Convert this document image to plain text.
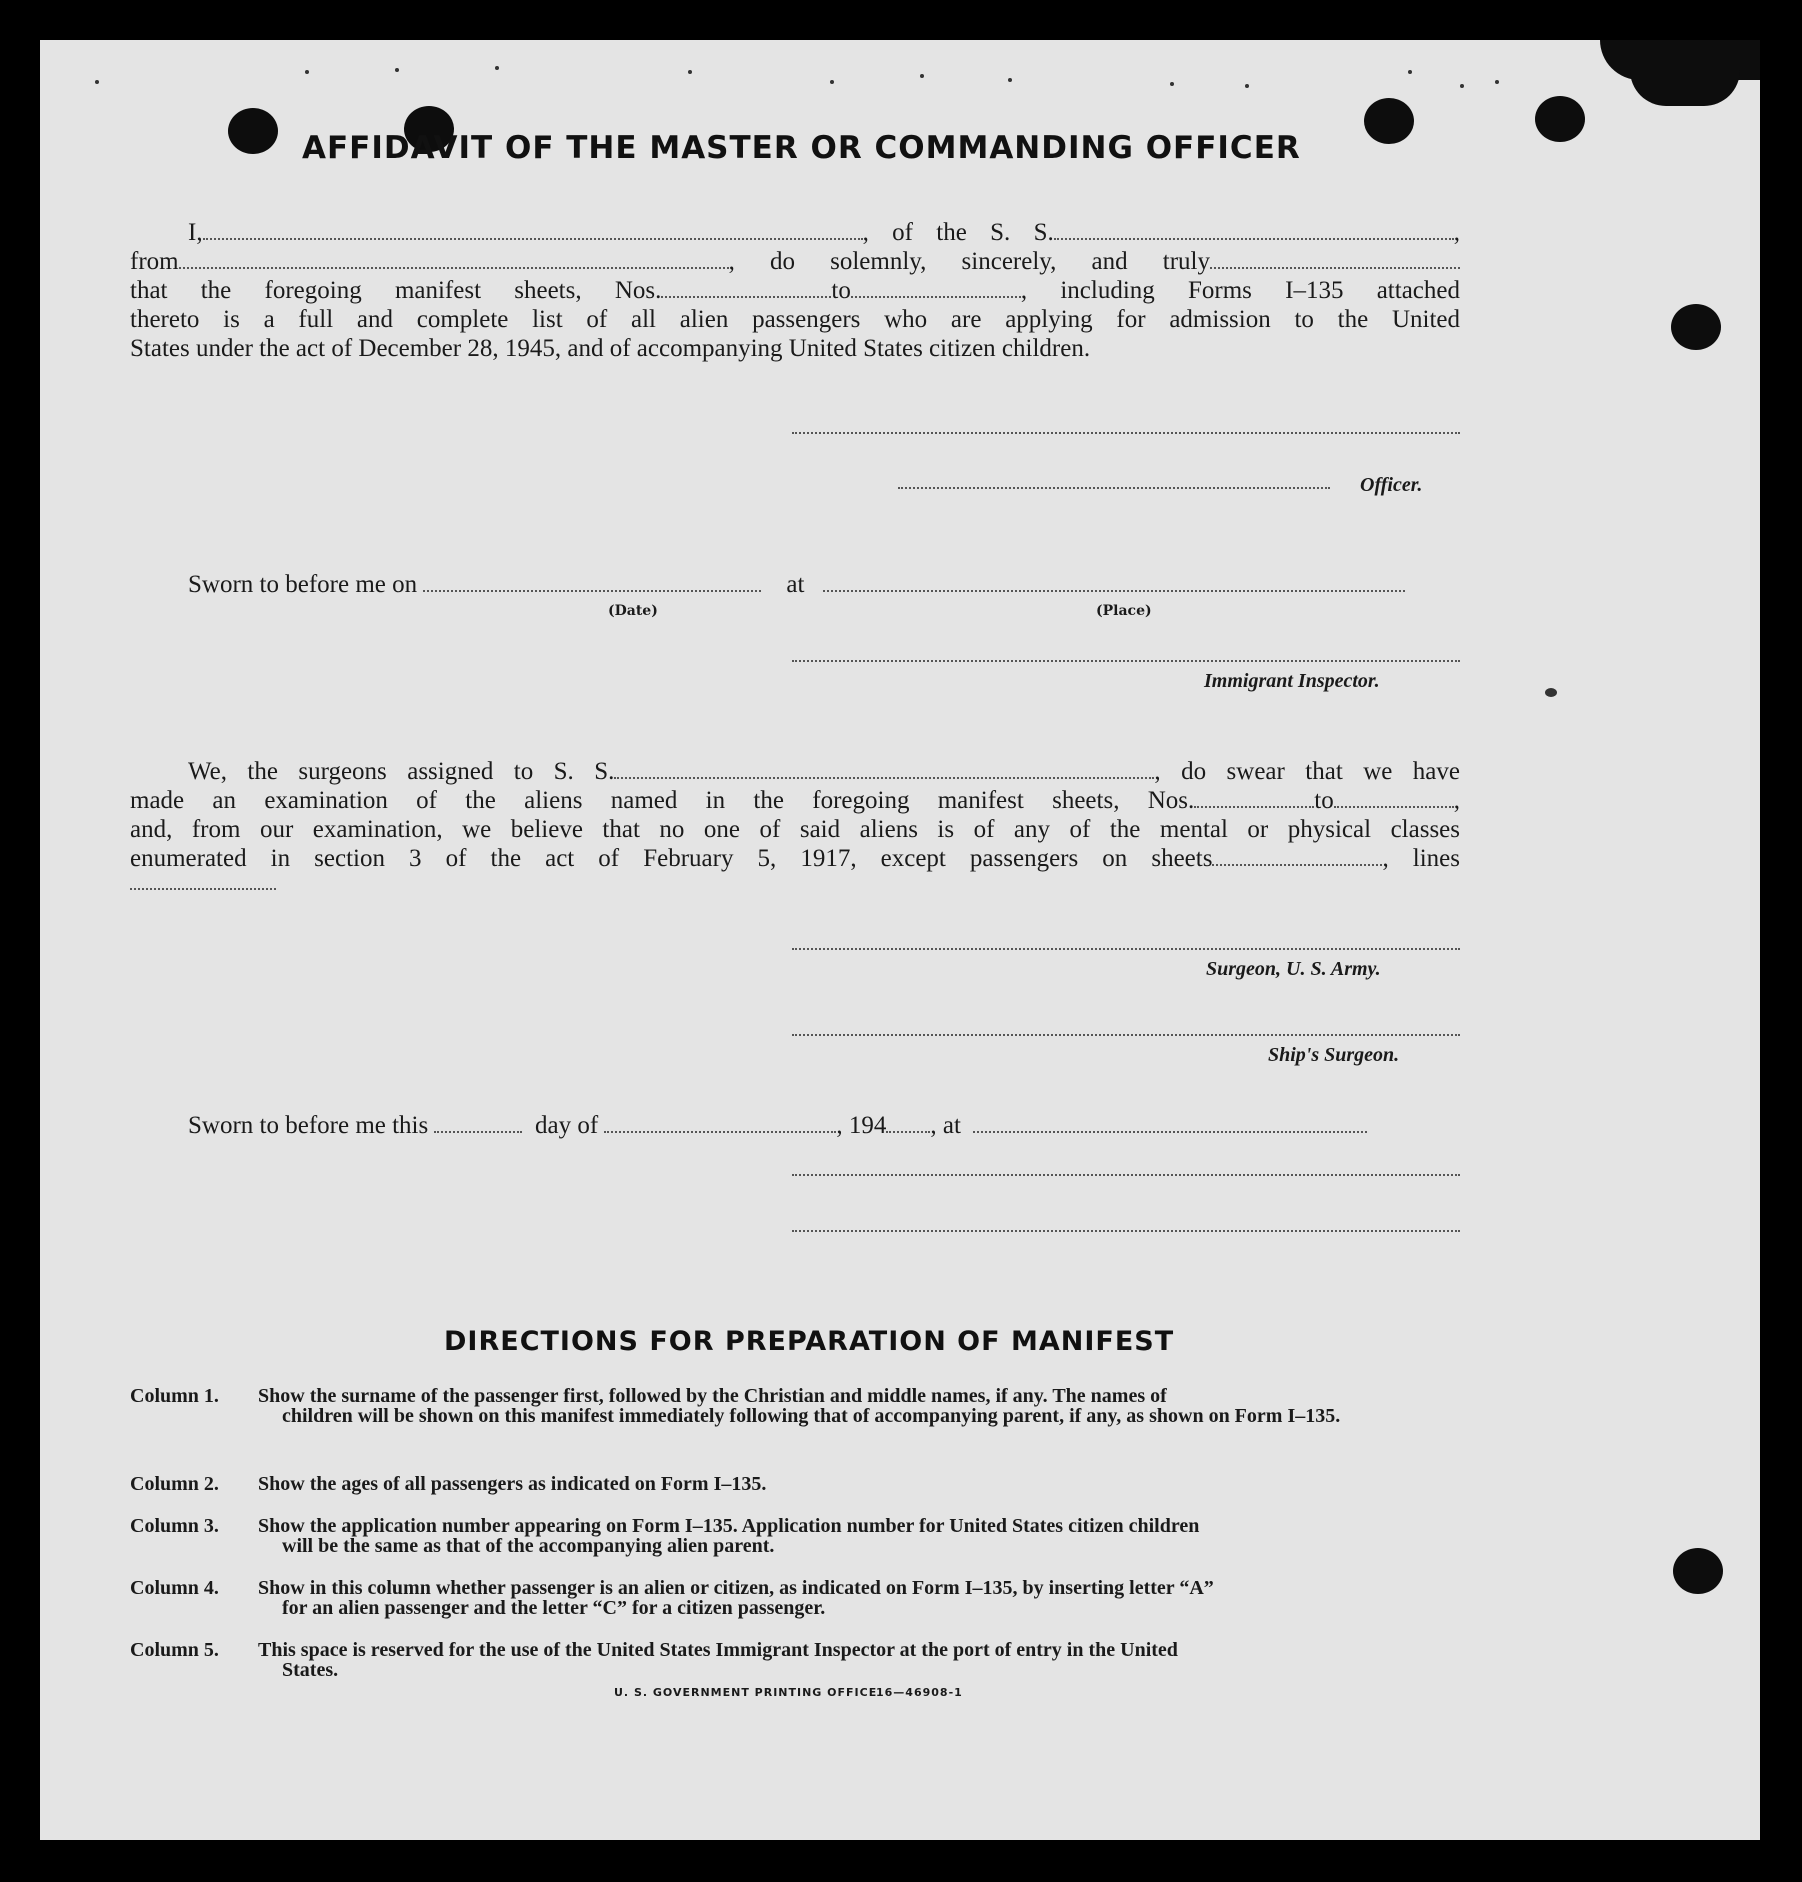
AFFIDAVIT OF THE MASTER OR COMMANDING OFFICER
I,	, of the S. S.	,
from	, do solemnly, sincerely, and truly
that the foregoing manifest sheets, Nos.	to	, including Forms I–135 attached
thereto is a full and complete list of all alien passengers who are applying for admission to the United
States under the act of December 28, 1945, and of accompanying United States citizen children.
Officer.
Sworn to before me on	at
(Date)	(Place)
Immigrant Inspector.
We, the surgeons assigned to S. S.	, do swear that we have
made an examination of the aliens named in the foregoing manifest sheets, Nos.	to	,
and, from our examination, we believe that no one of said aliens is of any of the mental or physical classes
enumerated in section 3 of the act of February 5, 1917, except passengers on sheets	, lines
Surgeon, U. S. Army.
Ship's Surgeon.
Sworn to before me this	day of	, 194 , at
DIRECTIONS FOR PREPARATION OF MANIFEST
Column 1. Show the surname of the passenger first, followed by the Christian and middle names, if any. The names of
children will be shown on this manifest immediately following that of accompanying parent, if any, as shown on Form I–135.
Column 2. Show the ages of all passengers as indicated on Form I–135.
Column 3. Show the application number appearing on Form I–135. Application number for United States citizen children
will be the same as that of the accompanying alien parent.
Column 4. Show in this column whether passenger is an alien or citizen, as indicated on Form I–135, by inserting letter “A”
for an alien passenger and the letter “C” for a citizen passenger.
Column 5. This space is reserved for the use of the United States Immigrant Inspector at the port of entry in the United
States.
U. S. GOVERNMENT PRINTING OFFICE
16—46908-1
